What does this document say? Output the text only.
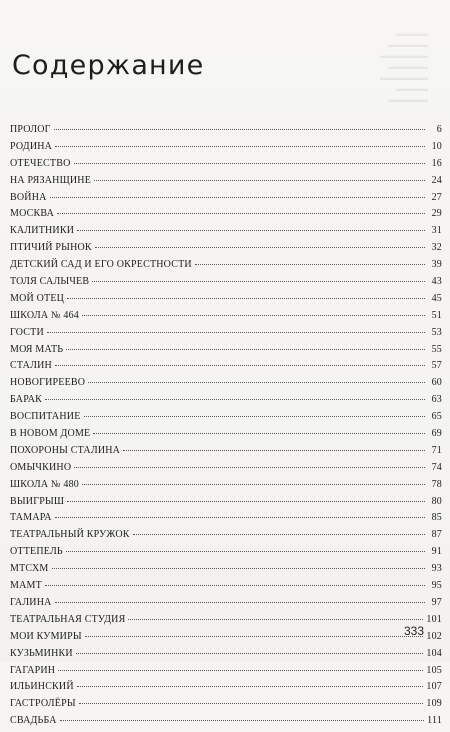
▬▬▬▬
▬▬▬▬▬
▬▬▬▬▬▬
▬▬▬▬▬
▬▬▬▬▬▬
▬▬▬▬
▬▬▬▬▬
Содержание
ПРОЛОГ	6
РОДИНА	10
ОТЕЧЕСТВО	16
НА РЯЗАНЩИНЕ	24
ВОЙНА	27
МОСКВА	29
КАЛИТНИКИ	31
ПТИЧИЙ РЫНОК	32
ДЕТСКИЙ САД И ЕГО ОКРЕСТНОСТИ	39
ТОЛЯ САЛЫЧЕВ	43
МОЙ ОТЕЦ	45
ШКОЛА № 464	51
ГОСТИ	53
МОЯ МАТЬ	55
СТАЛИН	57
НОВОГИРЕЕВО	60
БАРАК	63
ВОСПИТАНИЕ	65
В НОВОМ ДОМЕ	69
ПОХОРОНЫ СТАЛИНА	71
ОМЫЧКИНО	74
ШКОЛА № 480	78
ВЫИГРЫШ	80
ТАМАРА	85
ТЕАТРАЛЬНЫЙ КРУЖОК	87
ОТТЕПЕЛЬ	91
МТСХМ	93
МАМТ	95
ГАЛИНА	97
ТЕАТРАЛЬНАЯ СТУДИЯ	101
МОИ КУМИРЫ	102
КУЗЬМИНКИ	104
ГАГАРИН	105
ИЛЬИНСКИЙ	107
ГАСТРОЛЁРЫ	109
СВАДЬБА	111
333
